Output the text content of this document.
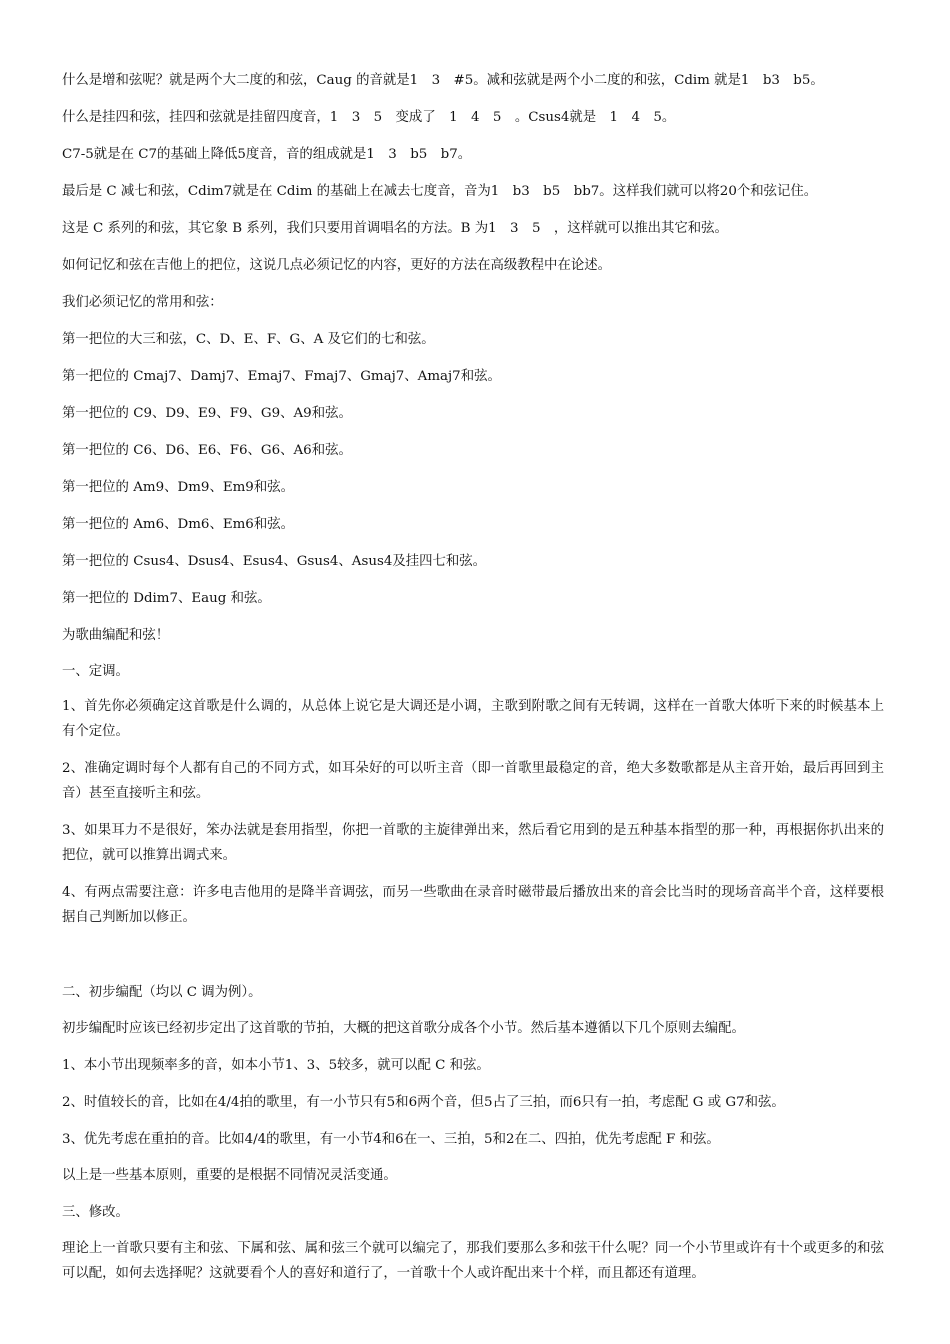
什么是增和弦呢？就是两个大二度的和弦，Caug 的音就是1　3　#5。减和弦就是两个小二度的和弦，Cdim 就是1　b3　b5。

什么是挂四和弦，挂四和弦就是挂留四度音，1　3　5　变成了　1　4　5　。Csus4就是　1　4　5。

C7-5就是在 C7的基础上降低5度音，音的组成就是1　3　b5　b7。

最后是 C 减七和弦，Cdim7就是在 Cdim 的基础上在减去七度音，音为1　b3　b5　bb7。这样我们就可以将20个和弦记住。

这是 C 系列的和弦，其它象 B 系列，我们只要用首调唱名的方法。B 为1　3　5　，这样就可以推出其它和弦。

如何记忆和弦在吉他上的把位，这说几点必须记忆的内容，更好的方法在高级教程中在论述。

我们必须记忆的常用和弦：

第一把位的大三和弦，C、D、E、F、G、A 及它们的七和弦。

第一把位的 Cmaj7、Damj7、Emaj7、Fmaj7、Gmaj7、Amaj7和弦。

第一把位的 C9、D9、E9、F9、G9、A9和弦。

第一把位的 C6、D6、E6、F6、G6、A6和弦。

第一把位的 Am9、Dm9、Em9和弦。

第一把位的 Am6、Dm6、Em6和弦。

第一把位的 Csus4、Dsus4、Esus4、Gsus4、Asus4及挂四七和弦。

第一把位的 Ddim7、Eaug 和弦。

为歌曲编配和弦！

一、定调。

1、首先你必须确定这首歌是什么调的，从总体上说它是大调还是小调，主歌到附歌之间有无转调，这样在一首歌大体听下来的时候基本上有个定位。

2、准确定调时每个人都有自己的不同方式，如耳朵好的可以听主音（即一首歌里最稳定的音，绝大多数歌都是从主音开始，最后再回到主音）甚至直接听主和弦。

3、如果耳力不是很好，笨办法就是套用指型，你把一首歌的主旋律弹出来，然后看它用到的是五种基本指型的那一种，再根据你扒出来的把位，就可以推算出调式来。

4、有两点需要注意：许多电吉他用的是降半音调弦，而另一些歌曲在录音时磁带最后播放出来的音会比当时的现场音高半个音，这样要根据自己判断加以修正。

二、初步编配（均以 C 调为例）。

初步编配时应该已经初步定出了这首歌的节拍，大概的把这首歌分成各个小节。然后基本遵循以下几个原则去编配。

1、本小节出现频率多的音，如本小节1、3、5较多，就可以配 C 和弦。

2、时值较长的音，比如在4/4拍的歌里，有一小节只有5和6两个音，但5占了三拍，而6只有一拍，考虑配 G 或 G7和弦。

3、优先考虑在重拍的音。比如4/4的歌里，有一小节4和6在一、三拍，5和2在二、四拍，优先考虑配 F 和弦。

以上是一些基本原则，重要的是根据不同情况灵活变通。

三、修改。

理论上一首歌只要有主和弦、下属和弦、属和弦三个就可以编完了，那我们要那么多和弦干什么呢？同一个小节里或许有十个或更多的和弦可以配，如何去选择呢？这就要看个人的喜好和道行了，一首歌十个人或许配出来十个样，而且都还有道理。
